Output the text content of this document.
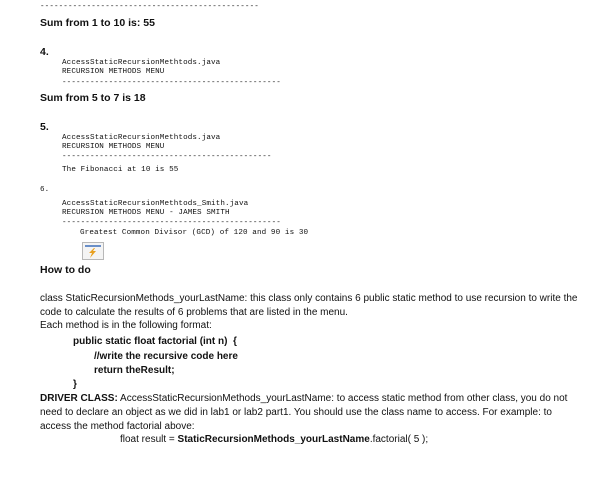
-----------------------------------------------
Sum from 1 to 10 is: 55
4.
AccessStaticRecursionMethtods.java
RECURSION METHODS MENU
-----------------------------------------------
Sum from 5 to 7 is 18
5.
AccessStaticRecursionMethtods.java
RECURSION METHODS MENU
---------------------------------------------
The Fibonacci at 10 is 55
6.
AccessStaticRecursionMethtods_Smith.java
RECURSION METHODS MENU - JAMES SMITH
-----------------------------------------------
Greatest Common Divisor (GCD) of 120 and 90 is 30
How to do
class StaticRecursionMethods_yourLastName: this class only contains 6 public static method to use recursion to write the code to calculate the results of 6 problems that are listed in the menu.
Each method is in the following format:
public static float factorial (int n)  {
//write the recursive code here
return theResult;
}
DRIVER CLASS: AccessStaticRecursionMethods_yourLastName: to access static method from other class, you do not need to declare an object as we did in lab1 or lab2 part1. You should use the class name to access. For example: to access the method factorial above:
float result = StaticRecursionMethods_yourLastName.factorial( 5 );
